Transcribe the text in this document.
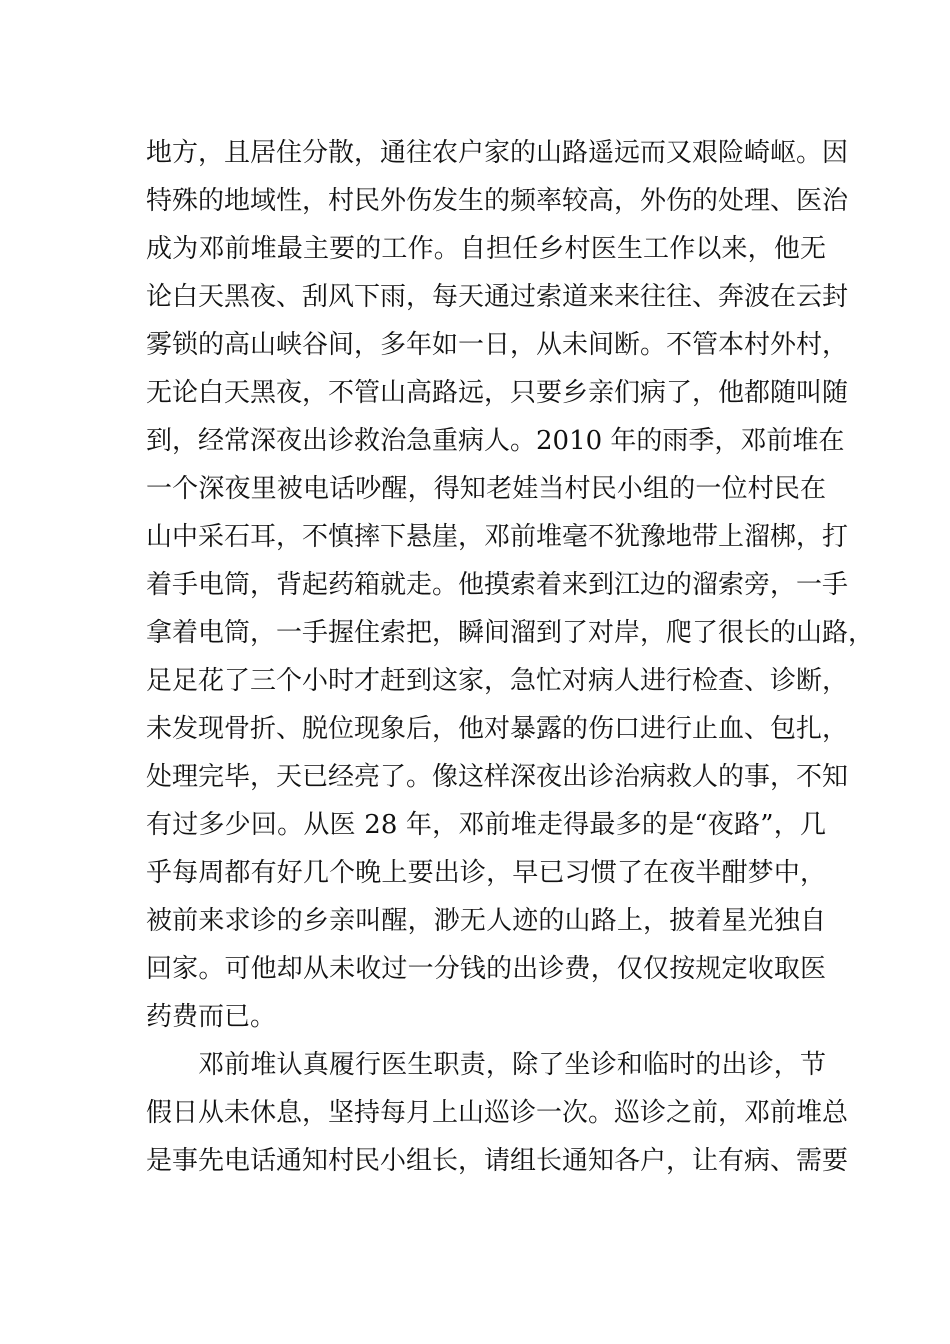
地方，且居住分散，通往农户家的山路遥远而又艰险崎岖。因
特殊的地域性，村民外伤发生的频率较高，外伤的处理、医治
成为邓前堆最主要的工作。自担任乡村医生工作以来，他无
论白天黑夜、刮风下雨，每天通过索道来来往往、奔波在云封
雾锁的高山峡谷间，多年如一日，从未间断。不管本村外村，
无论白天黑夜，不管山高路远，只要乡亲们病了，他都随叫随
到，经常深夜出诊救治急重病人。2010 年的雨季，邓前堆在
一个深夜里被电话吵醒，得知老娃当村民小组的一位村民在
山中采石耳，不慎摔下悬崖，邓前堆毫不犹豫地带上溜梆，打
着手电筒，背起药箱就走。他摸索着来到江边的溜索旁，一手
拿着电筒，一手握住索把，瞬间溜到了对岸，爬了很长的山路，
足足花了三个小时才赶到这家，急忙对病人进行检查、诊断，
未发现骨折、脱位现象后，他对暴露的伤口进行止血、包扎，
处理完毕，天已经亮了。像这样深夜出诊治病救人的事，不知
有过多少回。从医 28 年，邓前堆走得最多的是“夜路”，几
乎每周都有好几个晚上要出诊，早已习惯了在夜半酣梦中，
被前来求诊的乡亲叫醒，渺无人迹的山路上，披着星光独自
回家。可他却从未收过一分钱的出诊费，仅仅按规定收取医
药费而已。
邓前堆认真履行医生职责，除了坐诊和临时的出诊，节
假日从未休息，坚持每月上山巡诊一次。巡诊之前，邓前堆总
是事先电话通知村民小组长，请组长通知各户，让有病、需要
